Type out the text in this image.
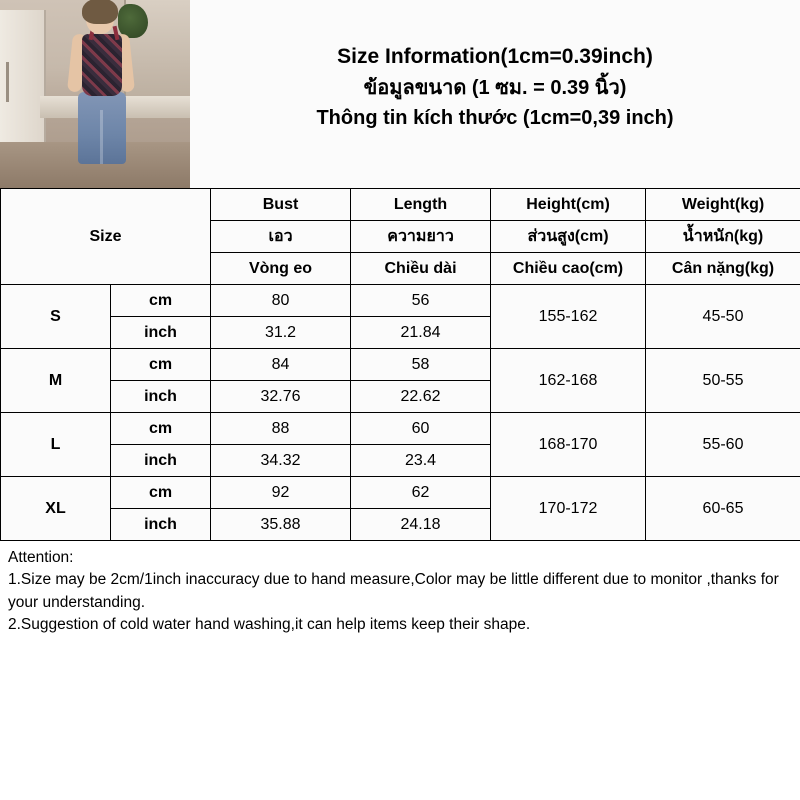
Size Information(1cm=0.39inch)
ข้อมูลขนาด (1 ซม. = 0.39 นิ้ว)
Thông tin kích thước (1cm=0,39 inch)
Size		Bust	Length	Height(cm)	Weight(kg)
		เอว	ความยาว	ส่วนสูง(cm)	น้ำหนัก(kg)
		Vòng eo	Chiều dài	Chiều cao(cm)	Cân nặng(kg)
S	cm	80	56	155-162	45-50
	inch	31.2	21.84		
M	cm	84	58	162-168	50-55
	inch	32.76	22.62		
L	cm	88	60	168-170	55-60
	inch	34.32	23.4		
XL	cm	92	62	170-172	60-65
	inch	35.88	24.18		
Attention:
1.Size may be 2cm/1inch inaccuracy due to hand measure,Color may be little different due to monitor ,thanks for your understanding.
2.Suggestion of cold water hand washing,it can help items keep their shape.
